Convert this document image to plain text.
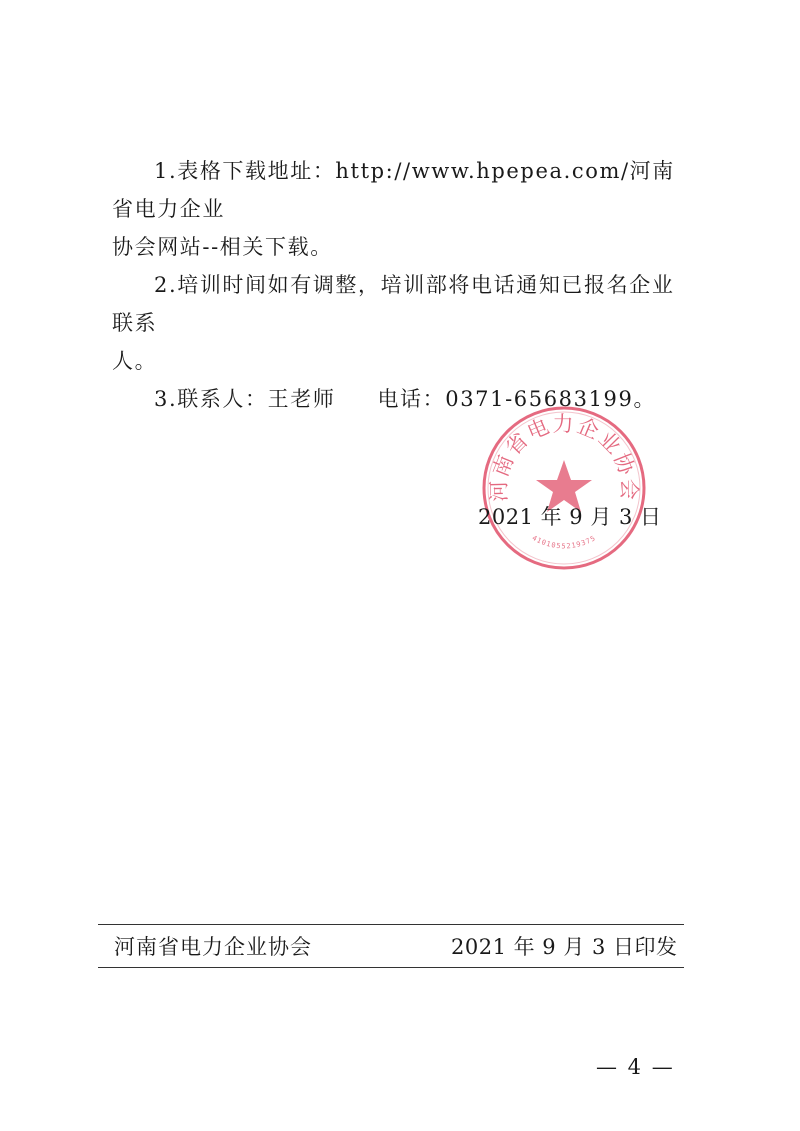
1.表格下载地址：http://www.hpepea.com/河南省电力企业

协会网站--相关下载。

2.培训时间如有调整，培训部将电话通知已报名企业联系

人。

3.联系人：王老师 电话：0371-65683199。

河南省电力企业协会
4101055219375
2021 年 9 月 3 日
河南省电力企业协会	2021 年 9 月 3 日印发
— 4 —
